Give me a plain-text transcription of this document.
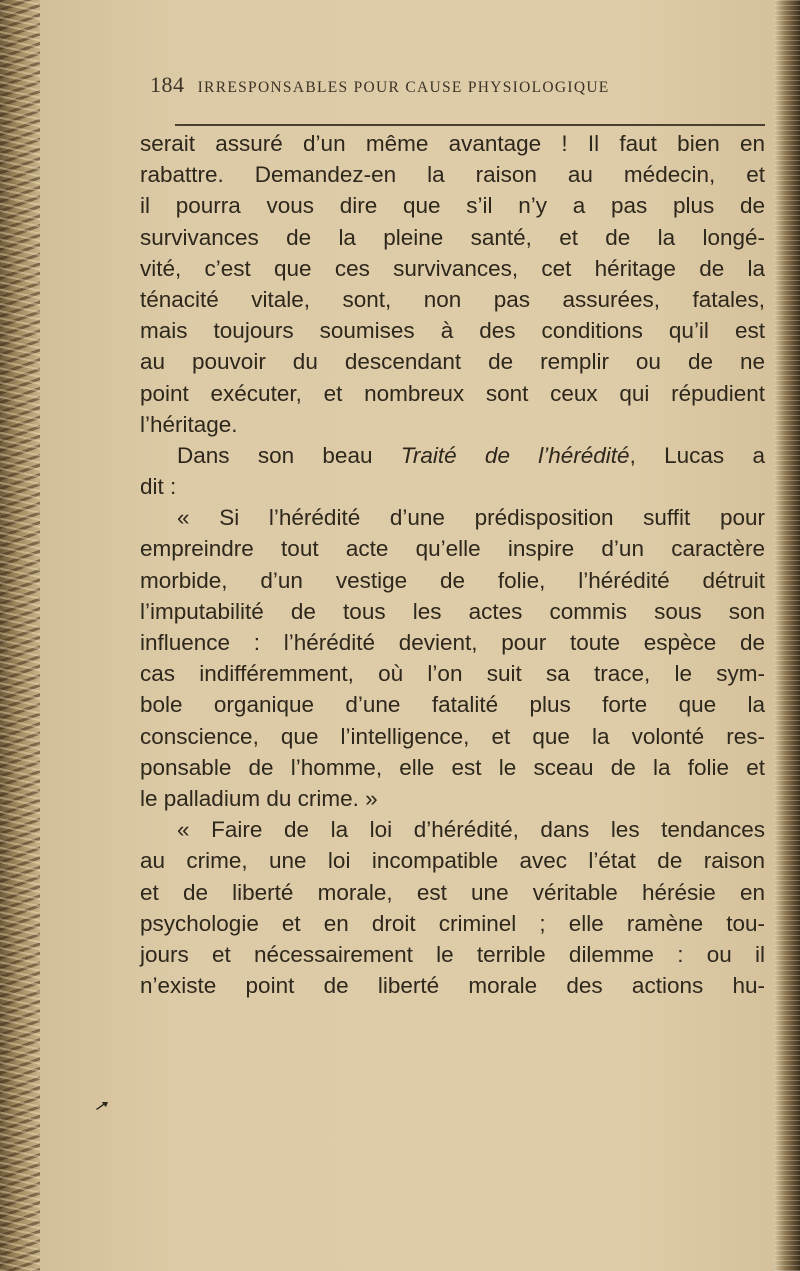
184 IRRESPONSABLES POUR CAUSE PHYSIOLOGIQUE
serait assuré d’un même avantage ! Il faut bien en
rabattre. Demandez-en la raison au médecin, et
il pourra vous dire que s’il n’y a pas plus de
survivances de la pleine santé, et de la longé-
vité, c’est que ces survivances, cet héritage de la
ténacité vitale, sont, non pas assurées, fatales,
mais toujours soumises à des conditions qu’il est
au pouvoir du descendant de remplir ou de ne
point exécuter, et nombreux sont ceux qui répudient
l’héritage.
Dans son beau Traité de l’hérédité, Lucas a
dit :
« Si l’hérédité d’une prédisposition suffit pour
empreindre tout acte qu’elle inspire d’un caractère
morbide, d’un vestige de folie, l’hérédité détruit
l’imputabilité de tous les actes commis sous son
influence : l’hérédité devient, pour toute espèce de
cas indifféremment, où l’on suit sa trace, le sym-
bole organique d’une fatalité plus forte que la
conscience, que l’intelligence, et que la volonté res-
ponsable de l’homme, elle est le sceau de la folie et
le palladium du crime. »
« Faire de la loi d’hérédité, dans les tendances
au crime, une loi incompatible avec l’état de raison
et de liberté morale, est une véritable hérésie en
psychologie et en droit criminel ; elle ramène tou-
jours et nécessairement le terrible dilemme : ou il
n’existe point de liberté morale des actions hu-
